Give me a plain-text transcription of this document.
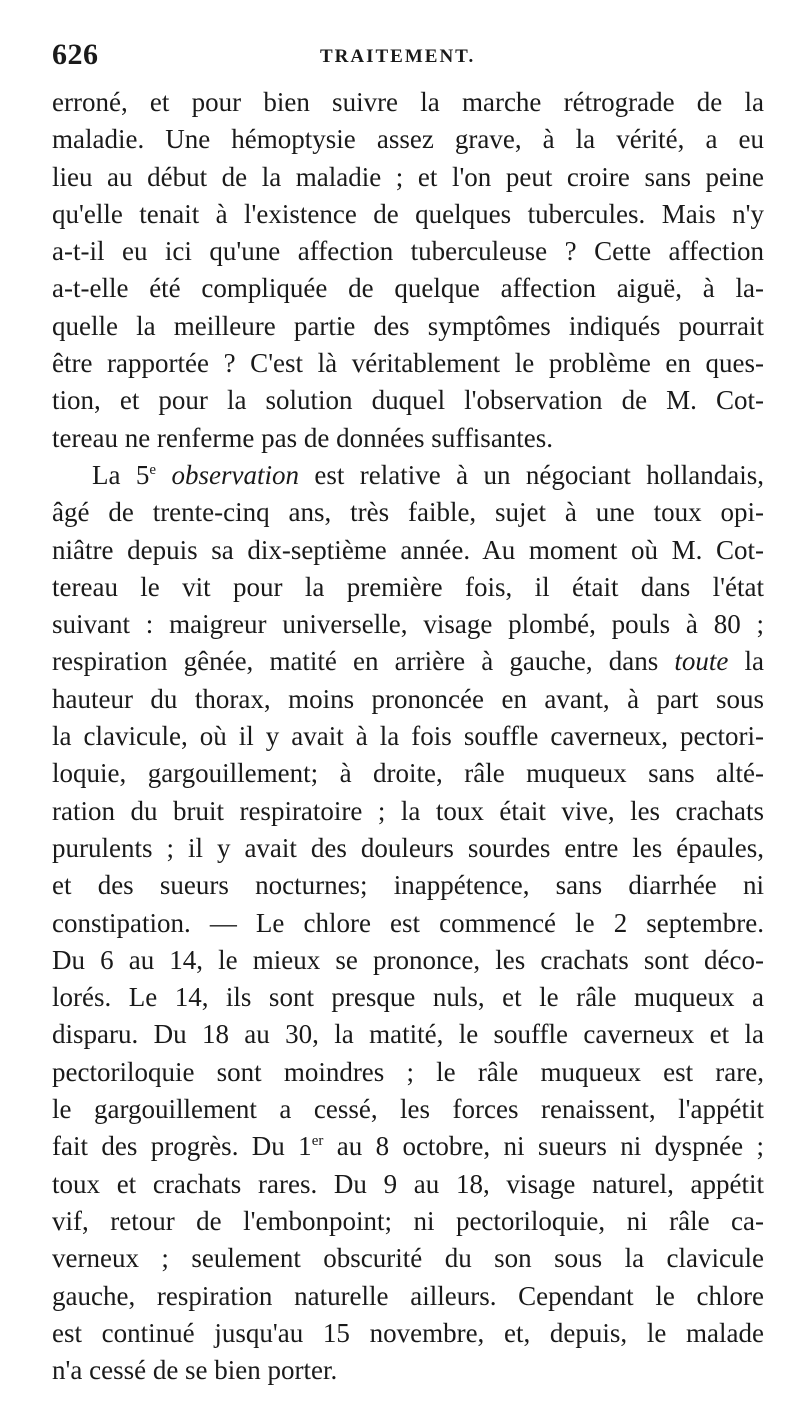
626	TRAITEMENT.
erroné, et pour bien suivre la marche rétrograde de la
maladie. Une hémoptysie assez grave, à la vérité, a eu
lieu au début de la maladie ; et l'on peut croire sans peine
qu'elle tenait à l'existence de quelques tubercules. Mais n'y
a-t-il eu ici qu'une affection tuberculeuse ? Cette affection
a-t-elle été compliquée de quelque affection aiguë, à la-
quelle la meilleure partie des symptômes indiqués pourrait
être rapportée ? C'est là véritablement le problème en ques-
tion, et pour la solution duquel l'observation de M. Cot-
tereau ne renferme pas de données suffisantes.
La 5e observation est relative à un négociant hollandais,
âgé de trente-cinq ans, très faible, sujet à une toux opi-
niâtre depuis sa dix-septième année. Au moment où M. Cot-
tereau le vit pour la première fois, il était dans l'état
suivant : maigreur universelle, visage plombé, pouls à 80 ;
respiration gênée, matité en arrière à gauche, dans toute la
hauteur du thorax, moins prononcée en avant, à part sous
la clavicule, où il y avait à la fois souffle caverneux, pectori-
loquie, gargouillement; à droite, râle muqueux sans alté-
ration du bruit respiratoire ; la toux était vive, les crachats
purulents ; il y avait des douleurs sourdes entre les épaules,
et des sueurs nocturnes; inappétence, sans diarrhée ni
constipation. — Le chlore est commencé le 2 septembre.
Du 6 au 14, le mieux se prononce, les crachats sont déco-
lorés. Le 14, ils sont presque nuls, et le râle muqueux a
disparu. Du 18 au 30, la matité, le souffle caverneux et la
pectoriloquie sont moindres ; le râle muqueux est rare,
le gargouillement a cessé, les forces renaissent, l'appétit
fait des progrès. Du 1er au 8 octobre, ni sueurs ni dyspnée ;
toux et crachats rares. Du 9 au 18, visage naturel, appétit
vif, retour de l'embonpoint; ni pectoriloquie, ni râle ca-
verneux ; seulement obscurité du son sous la clavicule
gauche, respiration naturelle ailleurs. Cependant le chlore
est continué jusqu'au 15 novembre, et, depuis, le malade
n'a cessé de se bien porter.
